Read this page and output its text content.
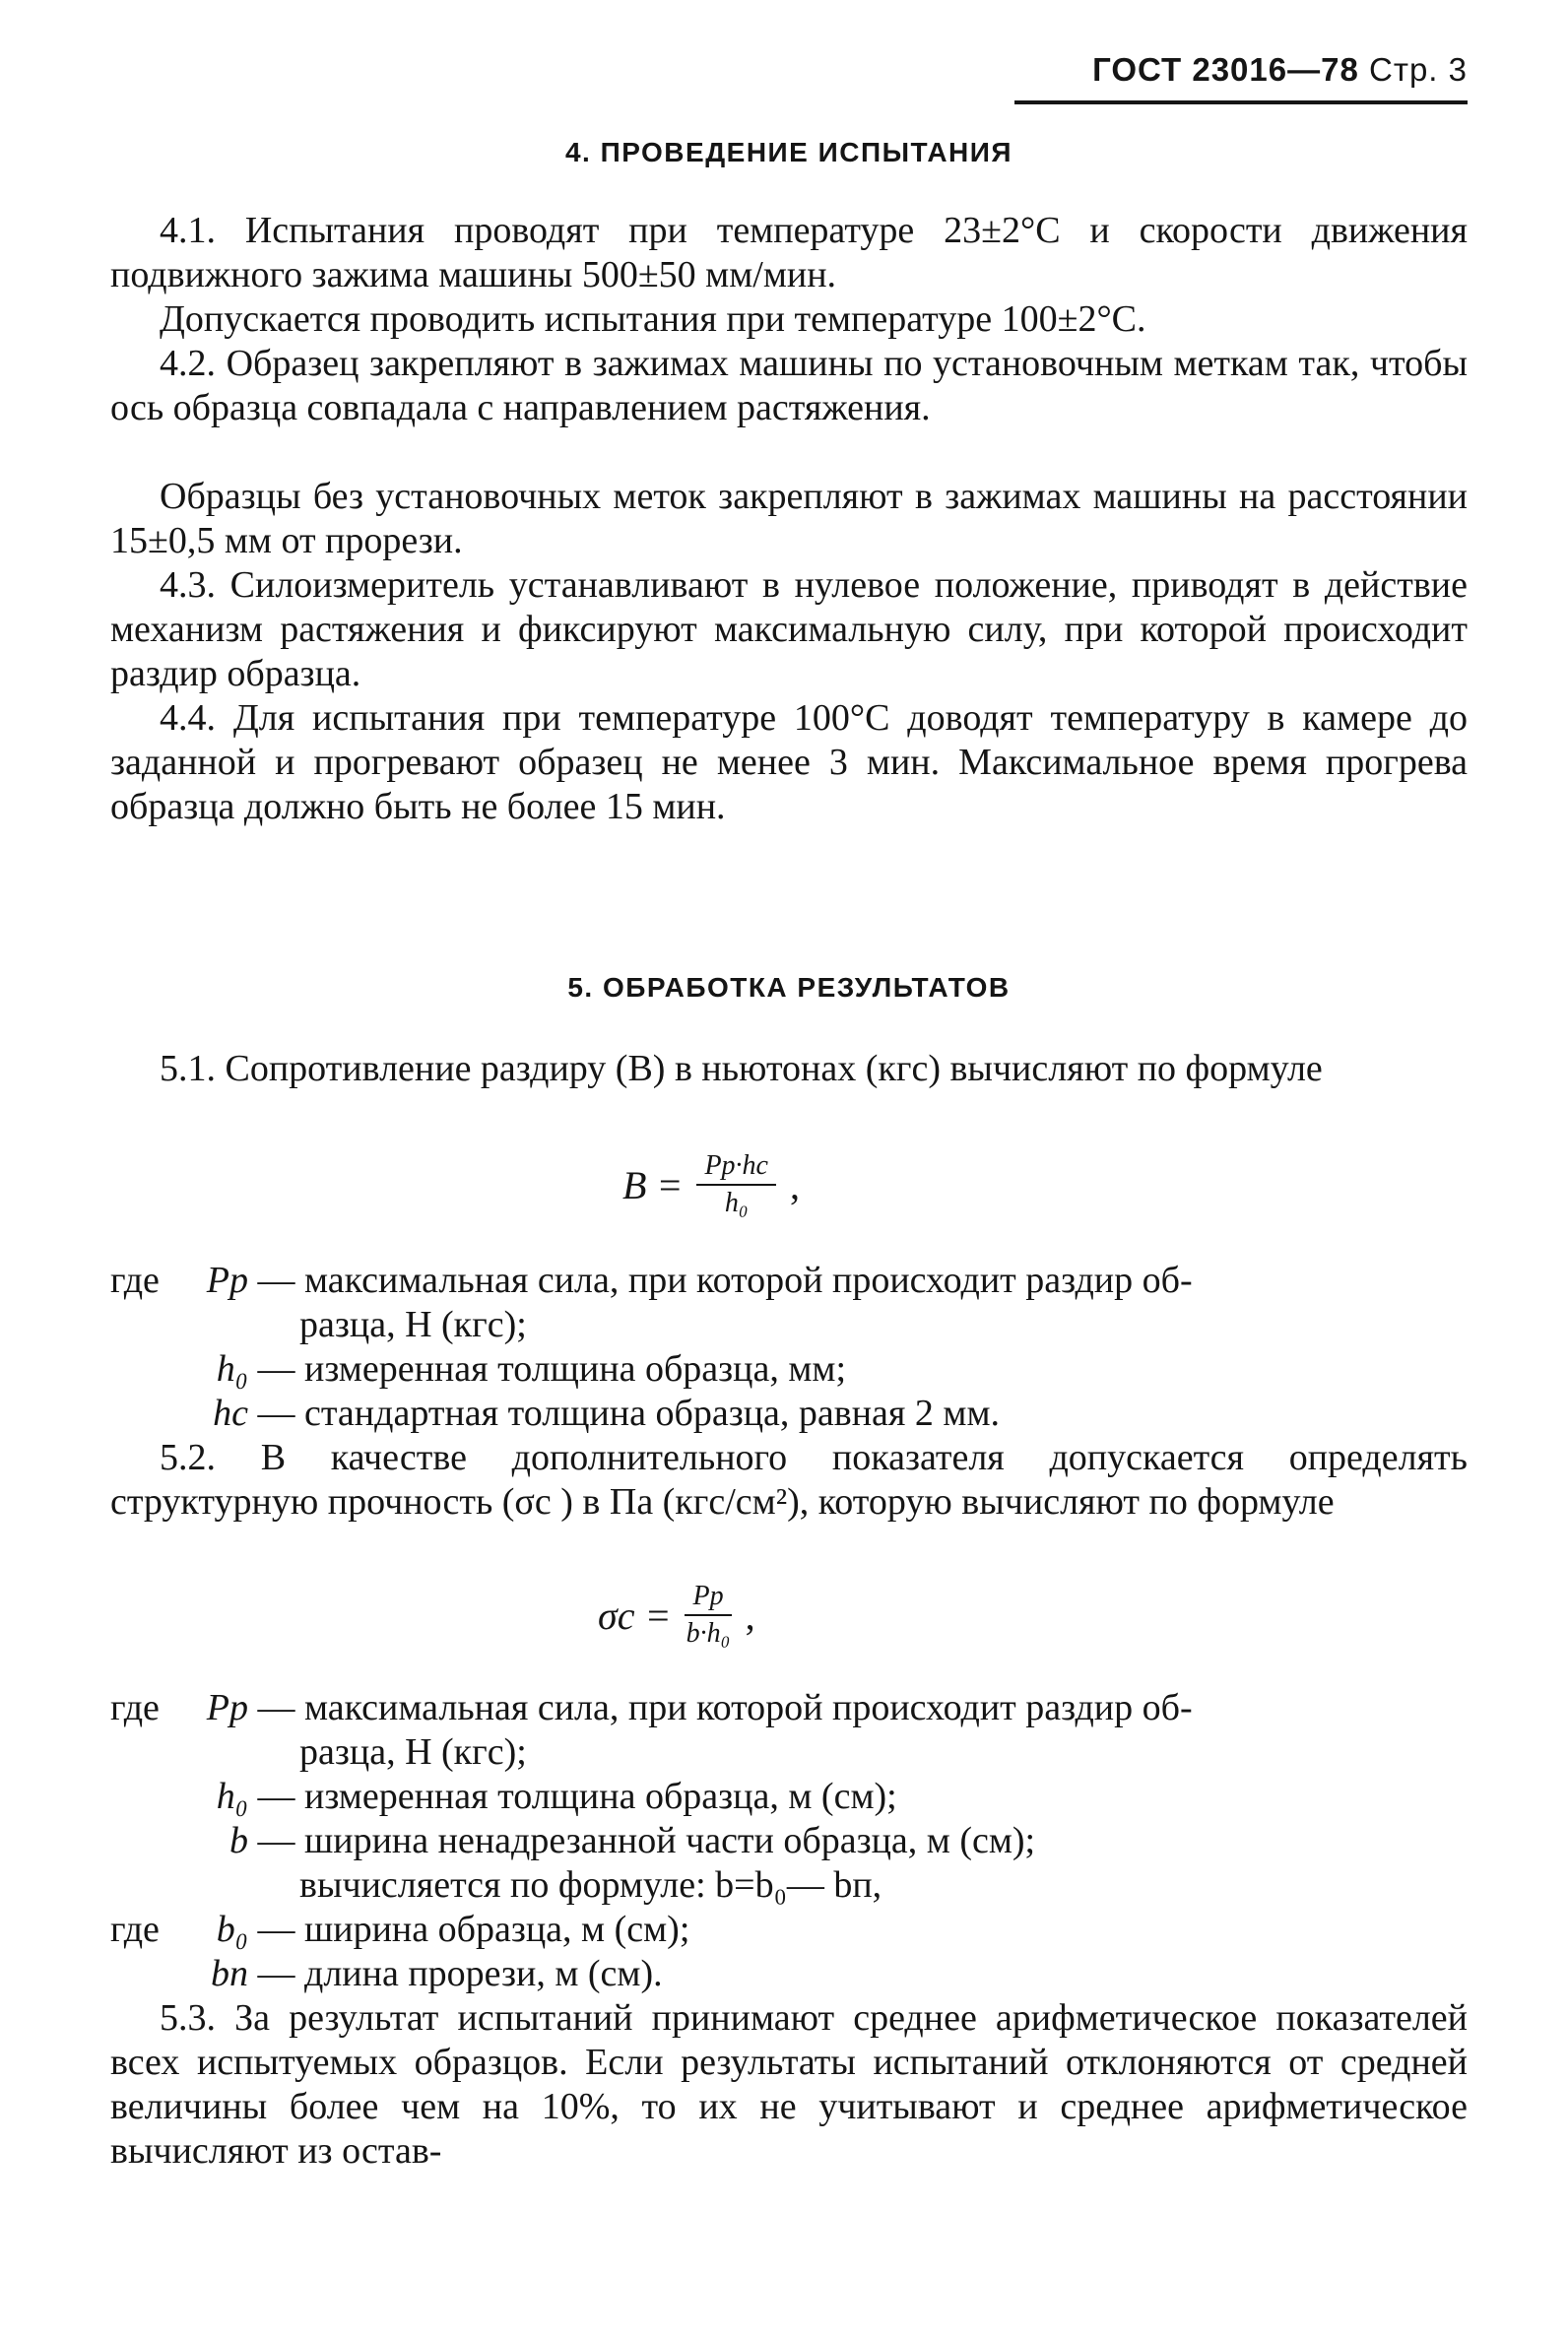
ГОСТ 23016—78 Стр. 3
4. ПРОВЕДЕНИЕ ИСПЫТАНИЯ
4.1. Испытания проводят при температуре 23±2°С и скорости движения подвижного зажима машины 500±50 мм/мин.
Допускается проводить испытания при температуре 100±2°С.
4.2. Образец закрепляют в зажимах машины по установочным меткам так, чтобы ось образца совпадала с направлением растяжения.
Образцы без установочных меток закрепляют в зажимах машины на расстоянии 15±0,5 мм от прорези.
4.3. Силоизмеритель устанавливают в нулевое положение, приводят в действие механизм растяжения и фиксируют максимальную силу, при которой происходит раздир образца.
4.4. Для испытания при температуре 100°С доводят температуру в камере до заданной и прогревают образец не менее 3 мин. Максимальное время прогрева образца должно быть не более 15 мин.
5. ОБРАБОТКА РЕЗУЛЬТАТОВ
5.1. Сопротивление раздиру (B) в ньютонах (кгс) вычисляют по формуле
$B = \frac{Pр\cdot hс}{\text{h₀}}$ ,
где Pр — максимальная сила, при которой происходит раздир об-
разца, Н (кгс);
h₀ — измеренная толщина образца, мм;
hс — стандартная толщина образца, равная 2 мм.
5.2. В качестве дополнительного показателя допускается определять структурную прочность (σс ) в Па (кгс/см²), которую вычисляют по формуле
$\sigma с = \frac{Pр}{\text{b·h₀}}$ ,
где Pр — максимальная сила, при которой происходит раздир об-
разца, Н (кгс);
h₀ — измеренная толщина образца, м (см);
b — ширина ненадрезанной части образца, м (см);
вычисляется по формуле: b=b₀— bп,
где b₀ — ширина образца, м (см);
bп — длина прорези, м (см).
5.3. За результат испытаний принимают среднее арифметическое показателей всех испытуемых образцов. Если результаты испытаний отклоняются от средней величины более чем на 10%, то их не учитывают и среднее арифметическое вычисляют из остав-
